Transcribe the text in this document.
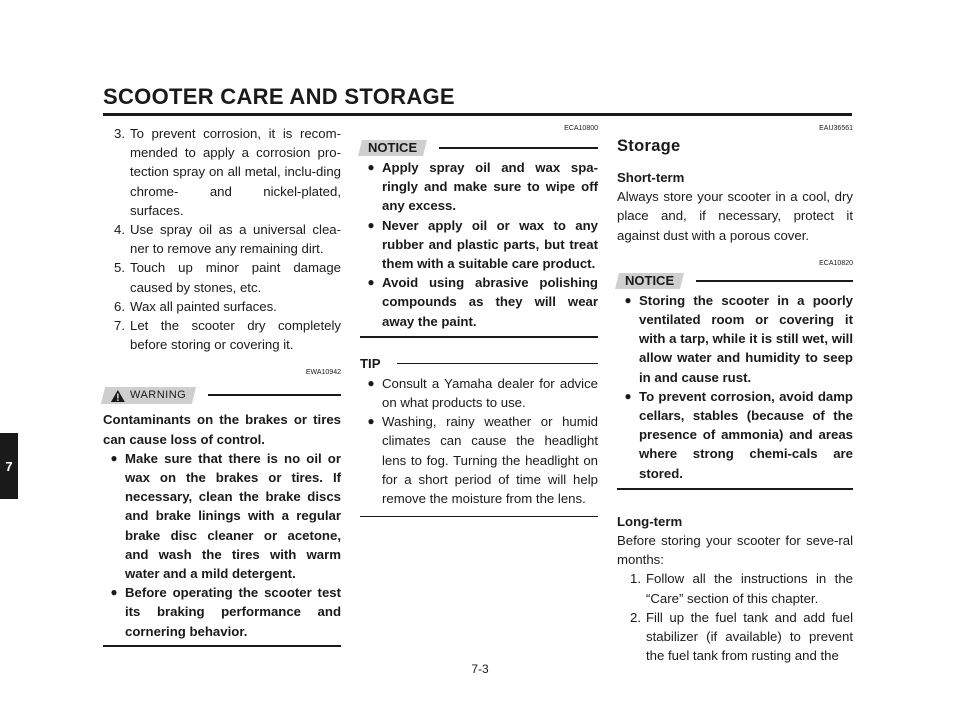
SCOOTER CARE AND STORAGE
7
3. To prevent corrosion, it is recom-mended to apply a corrosion pro-tection spray on all metal, inclu-ding chrome- and nickel-plated, surfaces.
4. Use spray oil as a universal clea-ner to remove any remaining dirt.
5. Touch up minor paint damage caused by stones, etc.
6. Wax all painted surfaces.
7. Let the scooter dry completely before storing or covering it.
EWA10942
WARNING
Contaminants on the brakes or tires can cause loss of control.
● Make sure that there is no oil or wax on the brakes or tires. If necessary, clean the brake discs and brake linings with a regular brake disc cleaner or acetone, and wash the tires with warm water and a mild detergent.
● Before operating the scooter test its braking performance and cornering behavior.
ECA10800
NOTICE
● Apply spray oil and wax spa-ringly and make sure to wipe off any excess.
● Never apply oil or wax to any rubber and plastic parts, but treat them with a suitable care product.
● Avoid using abrasive polishing compounds as they will wear away the paint.
TIP
● Consult a Yamaha dealer for advice on what products to use.
● Washing, rainy weather or humid climates can cause the headlight lens to fog. Turning the headlight on for a short period of time will help remove the moisture from the lens.
EAU36561
Storage
Short-term
Always store your scooter in a cool, dry place and, if necessary, protect it against dust with a porous cover.
ECA10820
NOTICE
● Storing the scooter in a poorly ventilated room or covering it with a tarp, while it is still wet, will allow water and humidity to seep in and cause rust.
● To prevent corrosion, avoid damp cellars, stables (because of the presence of ammonia) and areas where strong chemi-cals are stored.
Long-term
Before storing your scooter for seve-ral months:
1. Follow all the instructions in the “Care” section of this chapter.
2. Fill up the fuel tank and add fuel stabilizer (if available) to prevent the fuel tank from rusting and the
7-3
